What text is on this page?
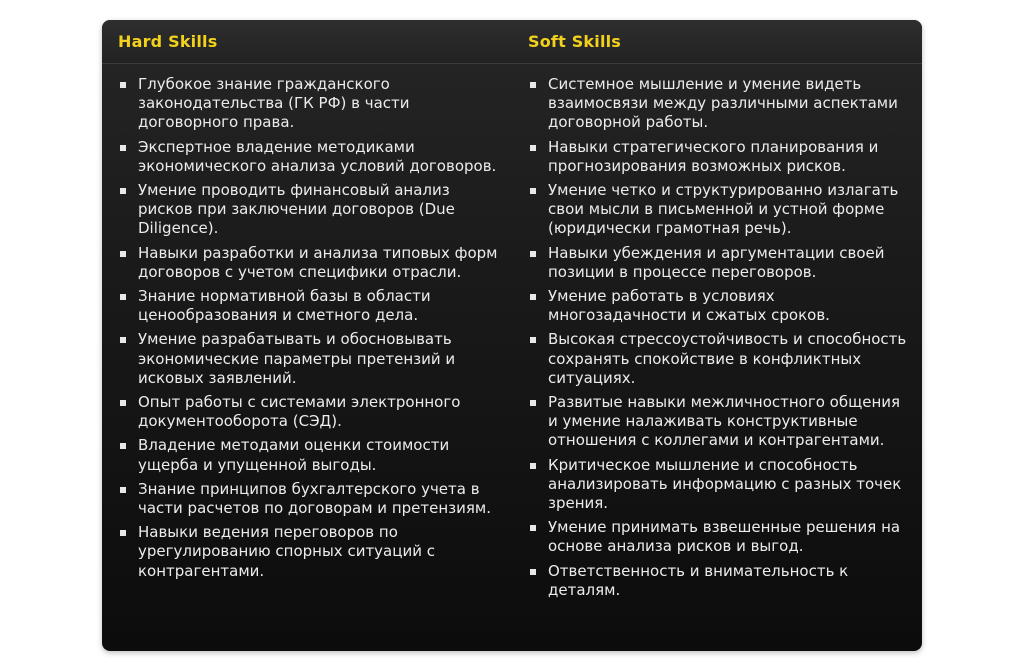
Hard Skills	Soft Skills
Глубокое знание гражданского законодательства (ГК РФ) в части договорного права.
Экспертное владение методиками экономического анализа условий договоров.
Умение проводить финансовый анализ рисков при заключении договоров (Due Diligence).
Навыки разработки и анализа типовых форм договоров с учетом специфики отрасли.
Знание нормативной базы в области ценообразования и сметного дела.
Умение разрабатывать и обосновывать экономические параметры претензий и исковых заявлений.
Опыт работы с системами электронного документооборота (СЭД).
Владение методами оценки стоимости ущерба и упущенной выгоды.
Знание принципов бухгалтерского учета в части расчетов по договорам и претензиям.
Навыки ведения переговоров по урегулированию спорных ситуаций с контрагентами.
Системное мышление и умение видеть взаимосвязи между различными аспектами договорной работы.
Навыки стратегического планирования и прогнозирования возможных рисков.
Умение четко и структурированно излагать свои мысли в письменной и устной форме (юридически грамотная речь).
Навыки убеждения и аргументации своей позиции в процессе переговоров.
Умение работать в условиях многозадачности и сжатых сроков.
Высокая стрессоустойчивость и способность сохранять спокойствие в конфликтных ситуациях.
Развитые навыки межличностного общения и умение налаживать конструктивные отношения с коллегами и контрагентами.
Критическое мышление и способность анализировать информацию с разных точек зрения.
Умение принимать взвешенные решения на основе анализа рисков и выгод.
Ответственность и внимательность к деталям.
